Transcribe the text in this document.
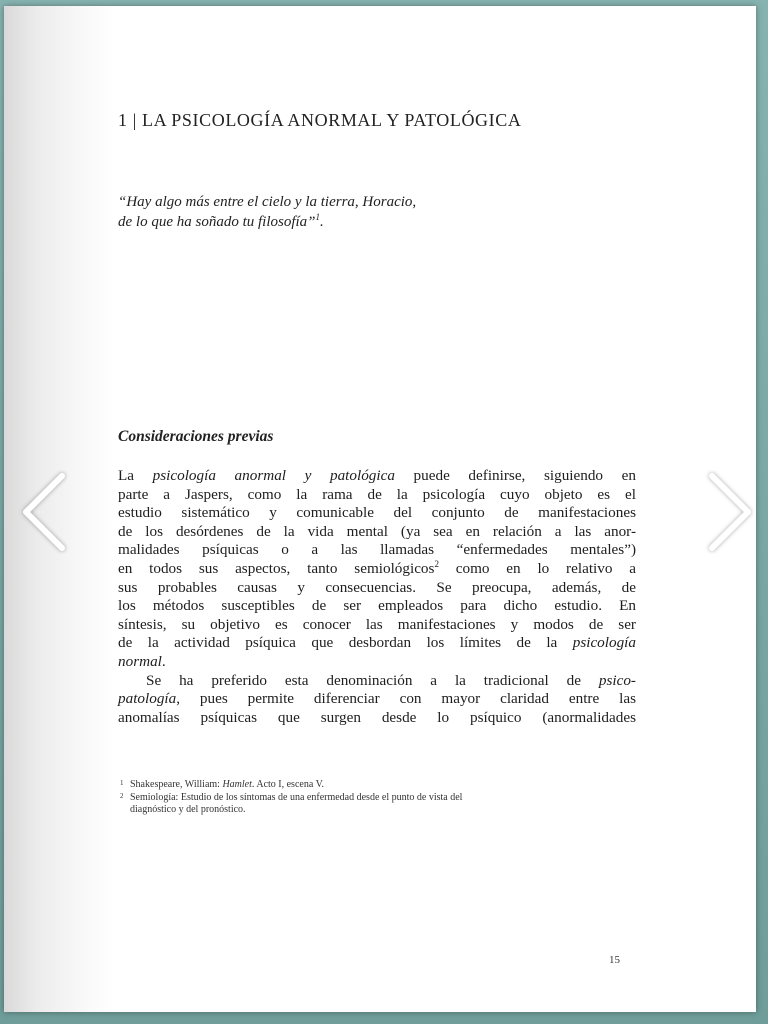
1 | LA PSICOLOGÍA ANORMAL Y PATOLÓGICA

“Hay algo más entre el cielo y la tierra, Horacio,
de lo que ha soñado tu filosofía”$^1$.

Consideraciones previas
La psicología anormal y patológica puede definirse, siguiendo en
parte a Jaspers, como la rama de la psicología cuyo objeto es el
estudio sistemático y comunicable del conjunto de manifestaciones
de los desórdenes de la vida mental (ya sea en relación a las anor-
malidades psíquicas o a las llamadas “enfermedades mentales”)
en todos sus aspectos, tanto semiológicos$^2$ como en lo relativo a
sus probables causas y consecuencias. Se preocupa, además, de
los métodos susceptibles de ser empleados para dicho estudio. En
síntesis, su objetivo es conocer las manifestaciones y modos de ser
de la actividad psíquica que desbordan los límites de la psicología
normal.
Se ha preferido esta denominación a la tradicional de psico-
patología, pues permite diferenciar con mayor claridad entre las
anomalías psíquicas que surgen desde lo psíquico (anormalidades
1 Shakespeare, William: Hamlet. Acto I, escena V.
2 Semiología: Estudio de los síntomas de una enfermedad desde el punto de vista del
diagnóstico y del pronóstico.
15
